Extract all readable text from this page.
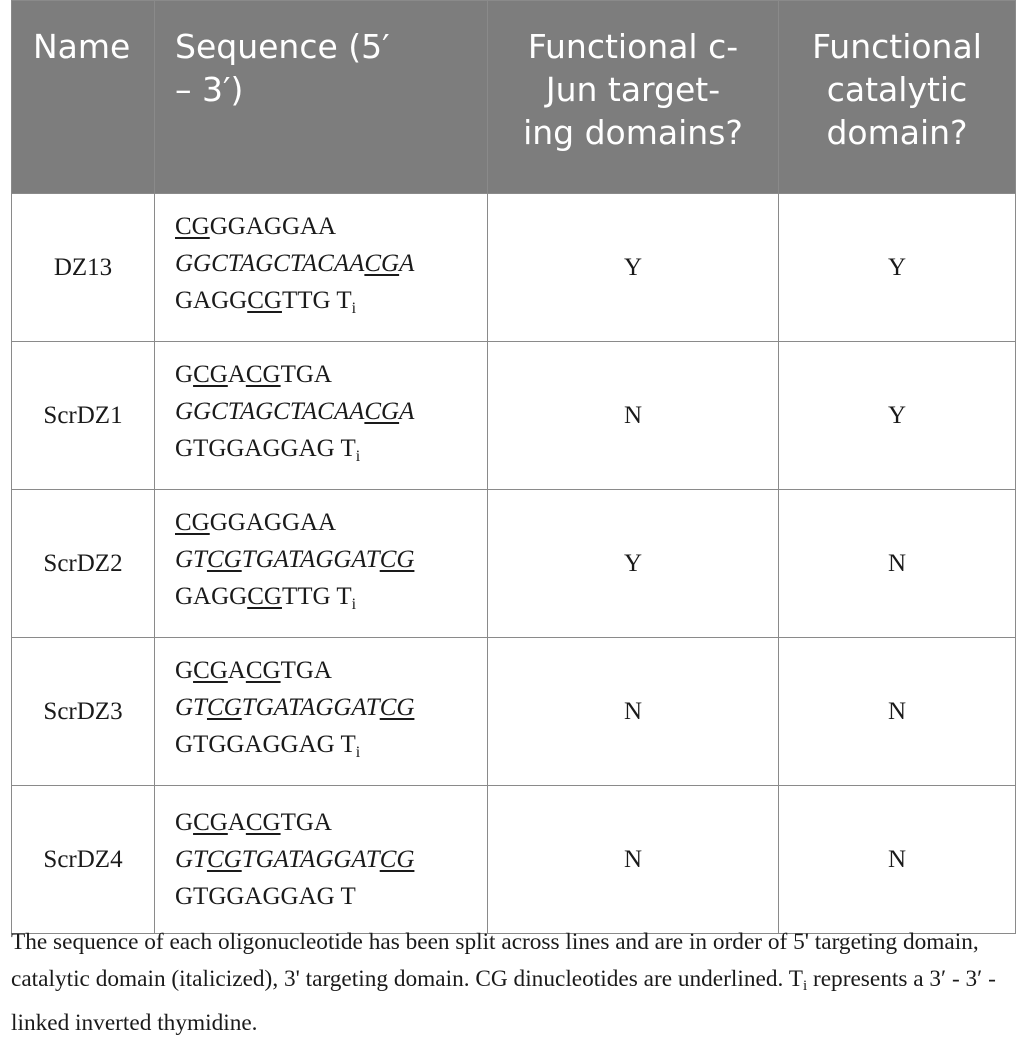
Name	Sequence (5′
– 3′)	Functional c-
Jun target-
ing domains?	Functional
catalytic
domain?
DZ13	CGGGAGGAA
GGCTAGCTACAACGA
GAGGCGTTG $T_i$	Y	Y
ScrDZ1	GCGACGTGA
GGCTAGCTACAACGA
GTGGAGGAG $T_i$	N	Y
ScrDZ2	CGGGAGGAA
GTCGTGATAGGATCG
GAGGCGTTG $T_i$	Y	N
ScrDZ3	GCGACGTGA
GTCGTGATAGGATCG
GTGGAGGAG $T_i$	N	N
ScrDZ4	GCGACGTGA
GTCGTGATAGGATCG
GTGGAGGAG T	N	N
The sequence of each oligonucleotide has been split across lines and are in order of 5' targeting domain, catalytic domain (italicized), 3' targeting domain. CG dinucleotides are underlined. $T_i$ represents a 3′ - 3′ -linked inverted thymidine.
